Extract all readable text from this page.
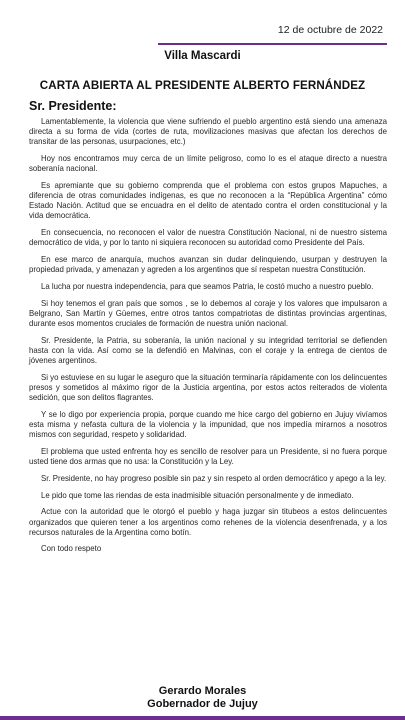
12 de octubre de 2022
Villa Mascardi
CARTA ABIERTA AL PRESIDENTE ALBERTO FERNÁNDEZ
Sr. Presidente:

Lamentablemente, la violencia que viene sufriendo el pueblo argentino está siendo una amenaza directa a su forma de vida (cortes de ruta, movilizaciones masivas que afectan los derechos de transitar de las personas, usurpaciones, etc.)

Hoy nos encontramos muy cerca de un límite peligroso, como lo es el ataque directo a nuestra soberanía nacional.

Es apremiante que su gobierno comprenda que el problema con estos grupos Mapuches, a diferencia de otras comunidades indígenas, es que no reconocen a la “República Argentina” cómo Estado Nación. Actitud que se encuadra en el delito de atentado contra el orden constitucional y la vida democrática.

En consecuencia, no reconocen el valor de nuestra Constitución Nacional, ni de nuestro sistema democrático de vida, y por lo tanto ni siquiera reconocen su autoridad como Presidente del País.

En ese marco de anarquía, muchos avanzan sin dudar delinquiendo, usurpan y destruyen la propiedad privada, y amenazan y agreden a los argentinos que sí respetan nuestra Constitución.

La lucha por nuestra independencia, para que seamos Patria, le costó mucho a nuestro pueblo.

Si hoy tenemos el gran país que somos , se lo debemos al coraje y los valores que impulsaron a Belgrano, San Martín y Güemes, entre otros tantos compatriotas de distintas provincias argentinas, durante esos momentos cruciales de formación de nuestra unión nacional.

Sr. Presidente, la Patria, su soberanía, la unión nacional y su integridad territorial se defienden hasta con la vida. Así como se la defendió en Malvinas, con el coraje y la entrega de cientos de jóvenes argentinos.

Si yo estuviese en su lugar le aseguro que la situación terminaría rápidamente con los delincuentes presos y sometidos al máximo rigor de la Justicia argentina, por estos actos reiterados de violenta sedición, que son delitos flagrantes.

Y se lo digo por experiencia propia, porque cuando me hice cargo del gobierno en Jujuy vivíamos esta misma y nefasta cultura de la violencia y la impunidad, que nos impedía mirarnos a nosotros mismos con seguridad, respeto y solidaridad.

El problema que usted enfrenta hoy es sencillo de resolver para un Presidente, si no fuera porque usted tiene dos armas que no usa: la Constitución y la Ley.

Sr. Presidente, no hay progreso posible sin paz y sin respeto al orden democrático y apego a la ley.

Le pido que tome las riendas de esta inadmisible situación personalmente y de inmediato.

Actue con la autoridad que le otorgó el pueblo y haga juzgar sin titubeos a estos delincuentes organizados que quieren tener a los argentinos como rehenes de la violencia desenfrenada, y a los recursos naturales de la Argentina como botín.

Con todo respeto

Gerardo Morales
Gobernador de Jujuy
